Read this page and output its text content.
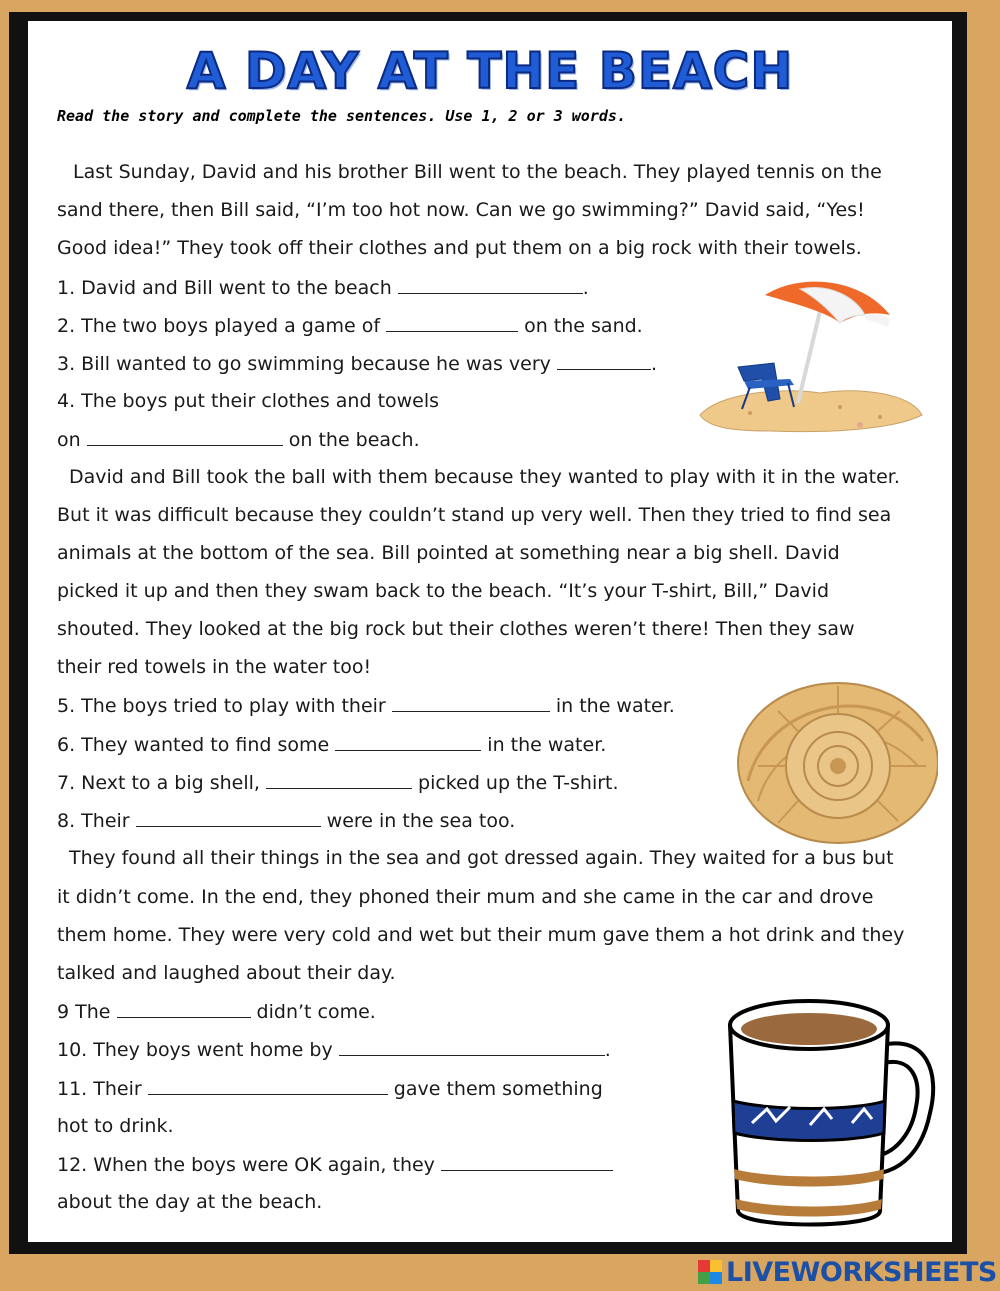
A DAY AT THE BEACH

Read the story and complete the sentences. Use 1, 2 or 3 words.

Last Sunday, David and his brother Bill went to the beach. They played tennis on the

sand there, then Bill said, “I’m too hot now. Can we go swimming?” David said, “Yes!

Good idea!” They took off their clothes and put them on a big rock with their towels.

1. David and Bill went to the beach	.

2. The two boys played a game of	on the sand.

3. Bill wanted to go swimming because he was very	.

4. The boys put their clothes and towels

on	on the beach.

David and Bill took the ball with them because they wanted to play with it in the water.

But it was difficult because they couldn’t stand up very well. Then they tried to find sea

animals at the bottom of the sea. Bill pointed at something near a big shell. David

picked it up and then they swam back to the beach. “It’s your T-shirt, Bill,” David

shouted. They looked at the big rock but their clothes weren’t there! Then they saw

their red towels in the water too!

5. The boys tried to play with their	in the water.

6. They wanted to find some	in the water.

7. Next to a big shell,	picked up the T-shirt.

8. Their	were in the sea too.

They found all their things in the sea and got dressed again. They waited for a bus but

it didn’t come. In the end, they phoned their mum and she came in the car and drove

them home. They were very cold and wet but their mum gave them a hot drink and they

talked and laughed about their day.

9 The	didn’t come.

10. They boys went home by	.

11. Their	gave them something

hot to drink.

12. When the boys were OK again, they

about the day at the beach.

LIVEWORKSHEETS
